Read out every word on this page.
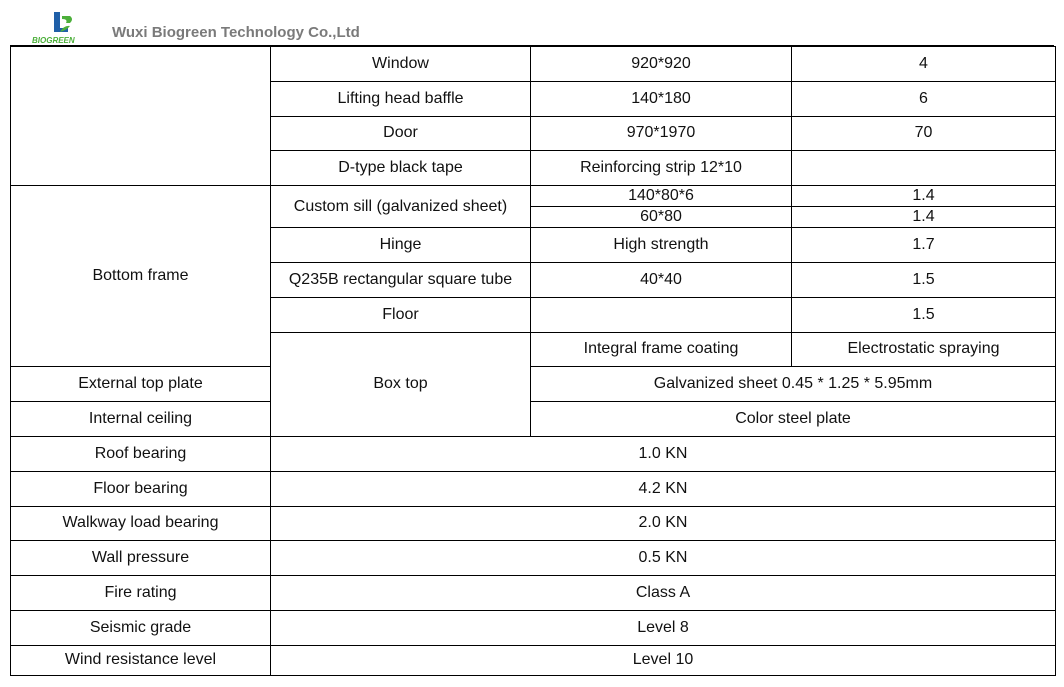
BIOGREEN Wuxi Biogreen Technology Co.,Ltd
	Window	920*920	4
	Lifting head baffle	140*180	6
	Door	970*1970	70
	D-type black tape	Reinforcing strip 12*10	
Bottom frame	Custom sill (galvanized sheet)	140*80*6	1.4
		60*80	1.4
	Hinge	High strength	1.7
	Q235B rectangular square tube	40*40	1.5
	Floor		1.5
	Box top	Integral frame coating	Electrostatic spraying
External top plate		Galvanized sheet 0.45 * 1.25 * 5.95mm	
Internal ceiling		Color steel plate	
Roof bearing	1.0 KN		
Floor bearing	4.2 KN		
Walkway load bearing	2.0 KN		
Wall pressure	0.5 KN		
Fire rating	Class A		
Seismic grade	Level 8		
Wind resistance level	Level 10		
